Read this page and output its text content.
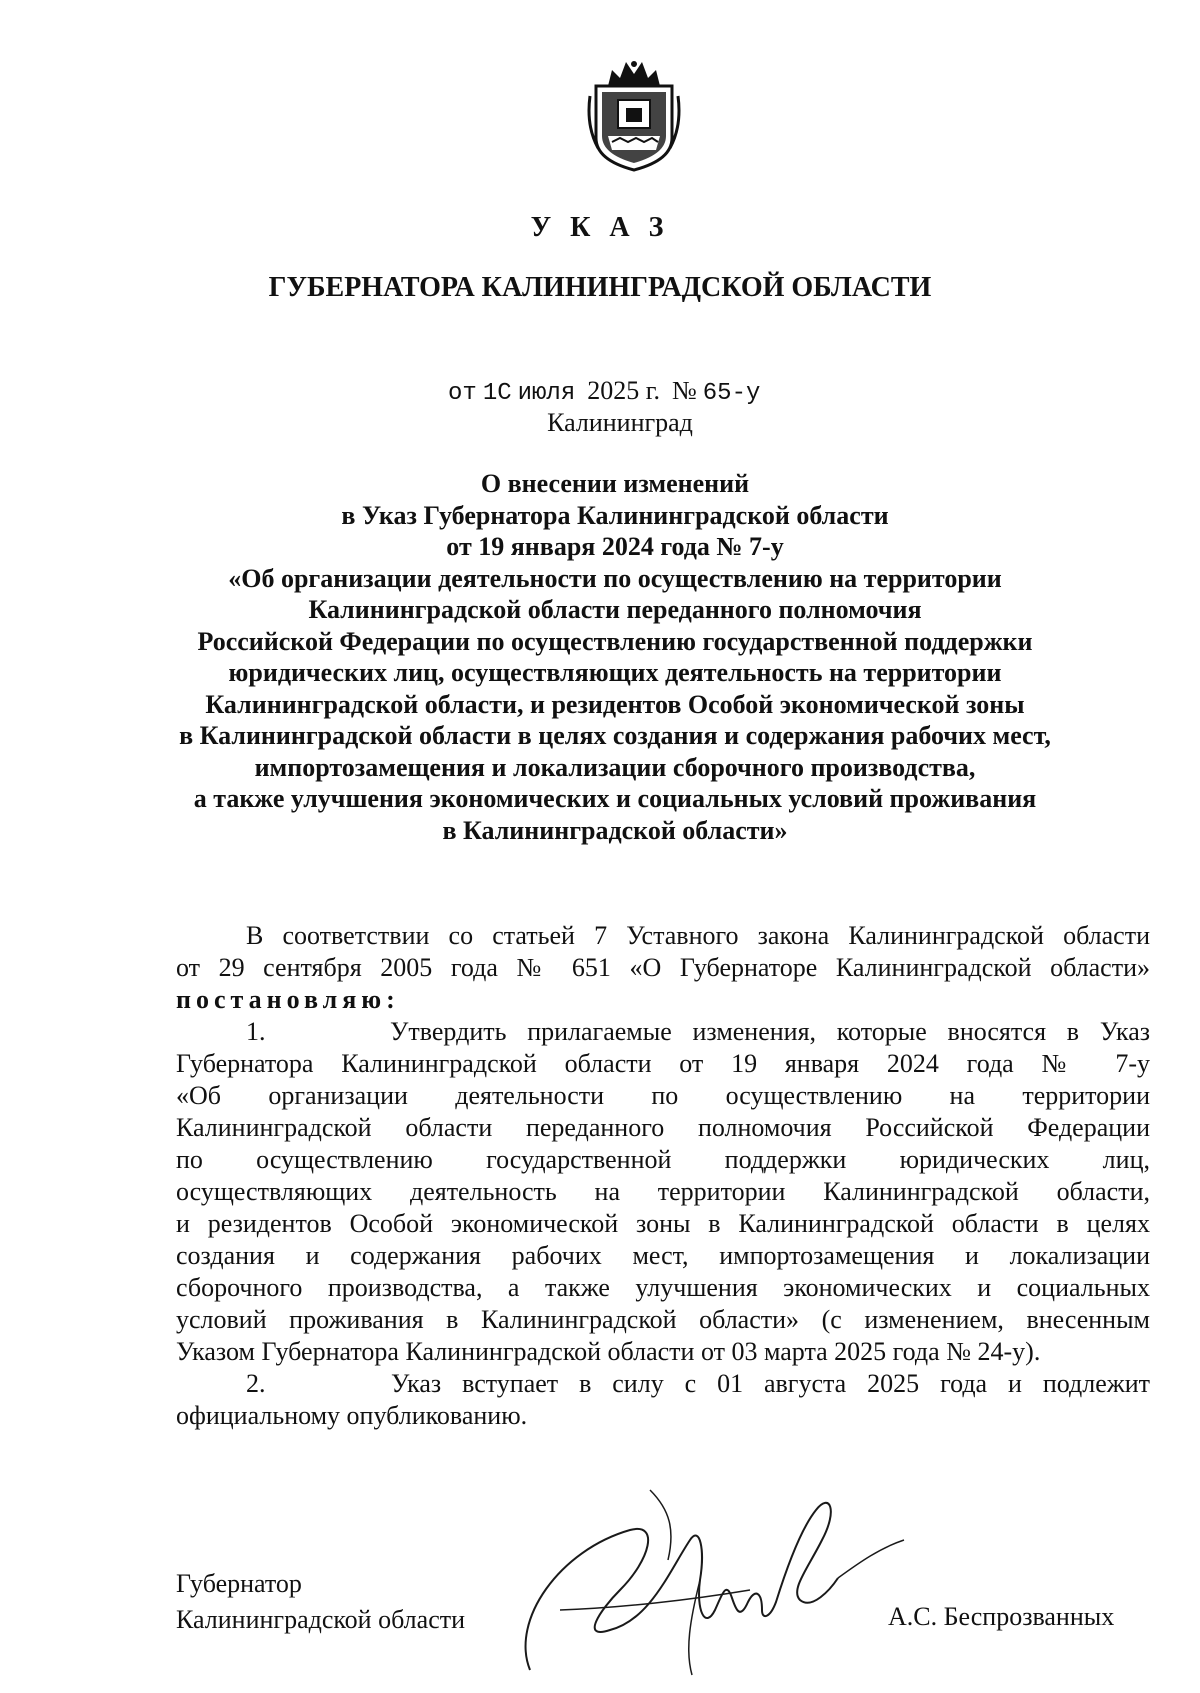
У К А З
ГУБЕРНАТОРА КАЛИНИНГРАДСКОЙ ОБЛАСТИ
от 1С июля 2025 г. № 65-у
Калининград
О внесении изменений
в Указ Губернатора Калининградской области
от 19 января 2024 года № 7-у
«Об организации деятельности по осуществлению на территории
Калининградской области переданного полномочия
Российской Федерации по осуществлению государственной поддержки
юридических лиц, осуществляющих деятельность на территории
Калининградской области, и резидентов Особой экономической зоны
в Калининградской области в целях создания и содержания рабочих мест,
импортозамещения и локализации сборочного производства,
а также улучшения экономических и социальных условий проживания
в Калининградской области»
В соответствии со статьей 7 Уставного закона Калининградской области
от 29 сентября 2005 года № 651 «О Губернаторе Калининградской области»
постановляю:
1.	Утвердить прилагаемые изменения, которые вносятся в Указ
Губернатора Калининградской области от 19 января 2024 года № 7-у
«Об организации деятельности по осуществлению на территории
Калининградской области переданного полномочия Российской Федерации
по осуществлению государственной поддержки юридических лиц,
осуществляющих деятельность на территории Калининградской области,
и резидентов Особой экономической зоны в Калининградской области в целях
создания и содержания рабочих мест, импортозамещения и локализации
сборочного производства, а также улучшения экономических и социальных
условий проживания в Калининградской области» (с изменением, внесенным
Указом Губернатора Калининградской области от 03 марта 2025 года № 24-у).
2.	Указ вступает в силу с 01 августа 2025 года и подлежит
официальному опубликованию.
Губернатор
Калининградской области	А.С. Беспрозванных
